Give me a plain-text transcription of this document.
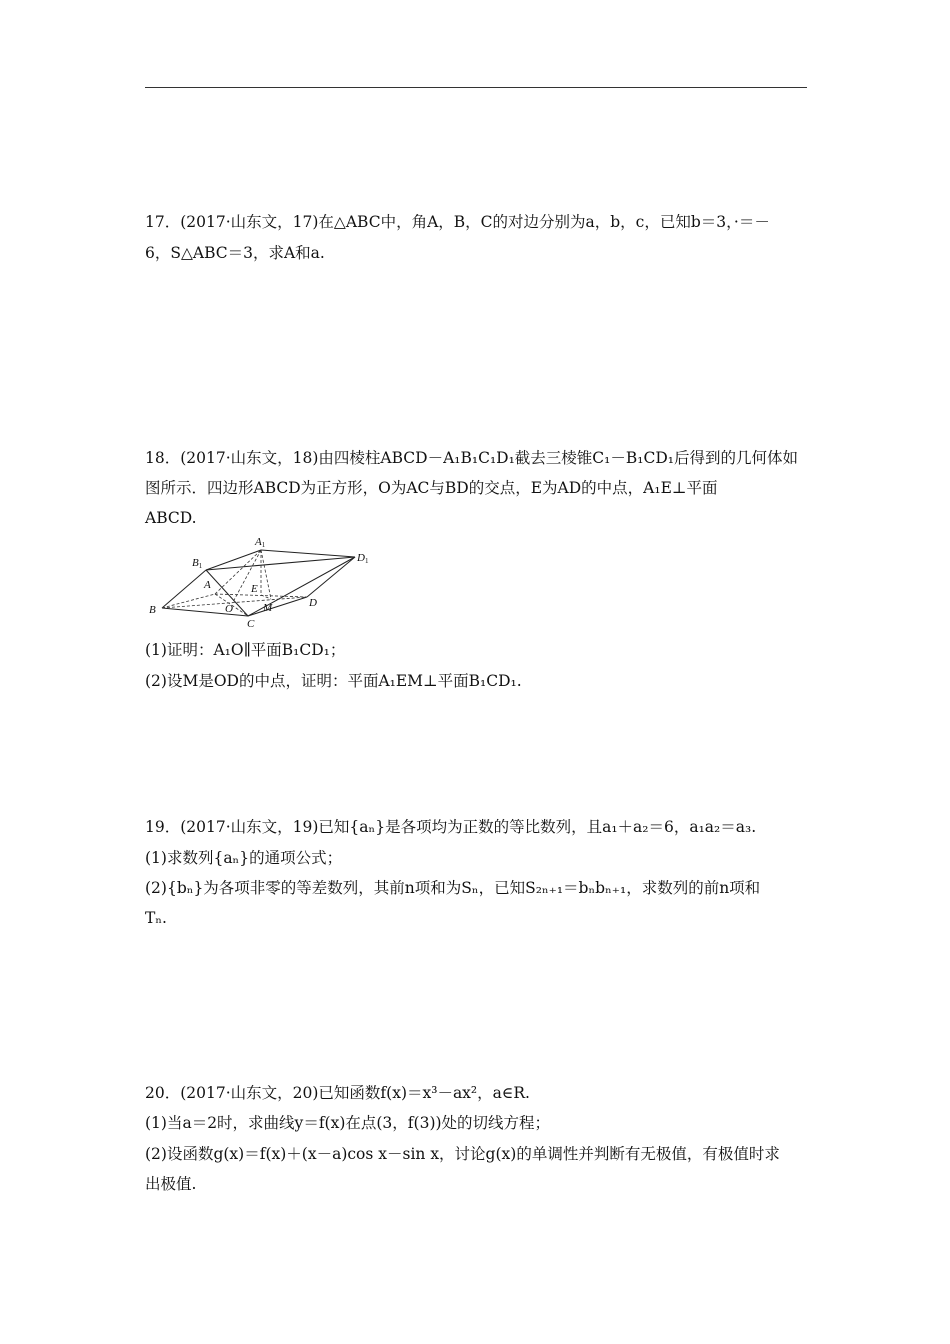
17．(2017·山东文，17)在△ABC中，角A，B，C的对边分别为a，b，c，已知b＝3，·＝－
6，S△ABC＝3，求A和a.
18．(2017·山东文，18)由四棱柱ABCD－A₁B₁C₁D₁截去三棱锥C₁－B₁CD₁后得到的几何体如
图所示．四边形ABCD为正方形，O为AC与BD的交点，E为AD的中点，A₁E⊥平面
ABCD.
A1
B1
D1
A	E
B	O	M
C
D
(1)证明：A₁O∥平面B₁CD₁；
(2)设M是OD的中点，证明：平面A₁EM⊥平面B₁CD₁.
19．(2017·山东文，19)已知{aₙ}是各项均为正数的等比数列，且a₁＋a₂＝6，a₁a₂＝a₃.
(1)求数列{aₙ}的通项公式；
(2){bₙ}为各项非零的等差数列，其前n项和为Sₙ，已知S₂ₙ₊₁＝bₙbₙ₊₁，求数列的前n项和
Tₙ.
20．(2017·山东文，20)已知函数f(x)＝x³－ax²，a∈R.
(1)当a＝2时，求曲线y＝f(x)在点(3，f(3))处的切线方程；
(2)设函数g(x)＝f(x)＋(x－a)cos x－sin x，讨论g(x)的单调性并判断有无极值，有极值时求
出极值.
